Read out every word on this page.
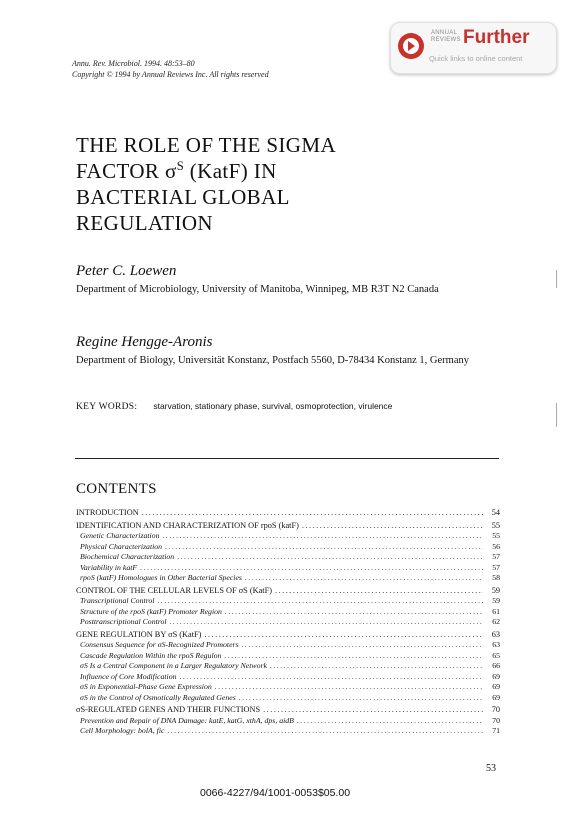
ANNUAL
REVIEWS Further
Quick links to online content
Annu. Rev. Microbiol. 1994. 48:53–80
Copyright © 1994 by Annual Reviews Inc. All rights reserved
THE ROLE OF THE SIGMA
FACTOR $\sigma^S$ (KatF) IN
BACTERIAL GLOBAL
REGULATION
Peter C. Loewen
Department of Microbiology, University of Manitoba, Winnipeg, MB R3T N2 Canada
Regine Hengge-Aronis
Department of Biology, Universität Konstanz, Postfach 5560, D-78434 Konstanz 1, Germany
KEY WORDS: starvation, stationary phase, survival, osmoprotection, virulence
CONTENTS
INTRODUCTION .....	54
IDENTIFICATION AND CHARACTERIZATION OF rpoS (katF) .....	55
Genetic Characterization .....	55
Physical Characterization .....	56
Biochemical Characterization .....	57
Variability in katF .....	57
rpoS (katF) Homologues in Other Bacterial Species .....	58
CONTROL OF THE CELLULAR LEVELS OF σS (KatF) .....	59
Transcriptional Control .....	59
Structure of the rpoS (katF) Promoter Region .....	61
Posttranscriptional Control .....	62
GENE REGULATION BY σS (KatF) .....	63
Consensus Sequence for σS-Recognized Promoters .....	63
Cascade Regulation Within the rpoS Regulon .....	65
σS Is a Central Component in a Larger Regulatory Network .....	66
Influence of Core Modification .....	69
σS in Exponential-Phase Gene Expression .....	69
σS in the Control of Osmotically Regulated Genes .....	69
σS-REGULATED GENES AND THEIR FUNCTIONS .....	70
Prevention and Repair of DNA Damage: katE, katG, xthA, dps, aidB .....	70
Cell Morphology: bolA, fic .....	71
53
0066-4227/94/1001-0053$05.00
